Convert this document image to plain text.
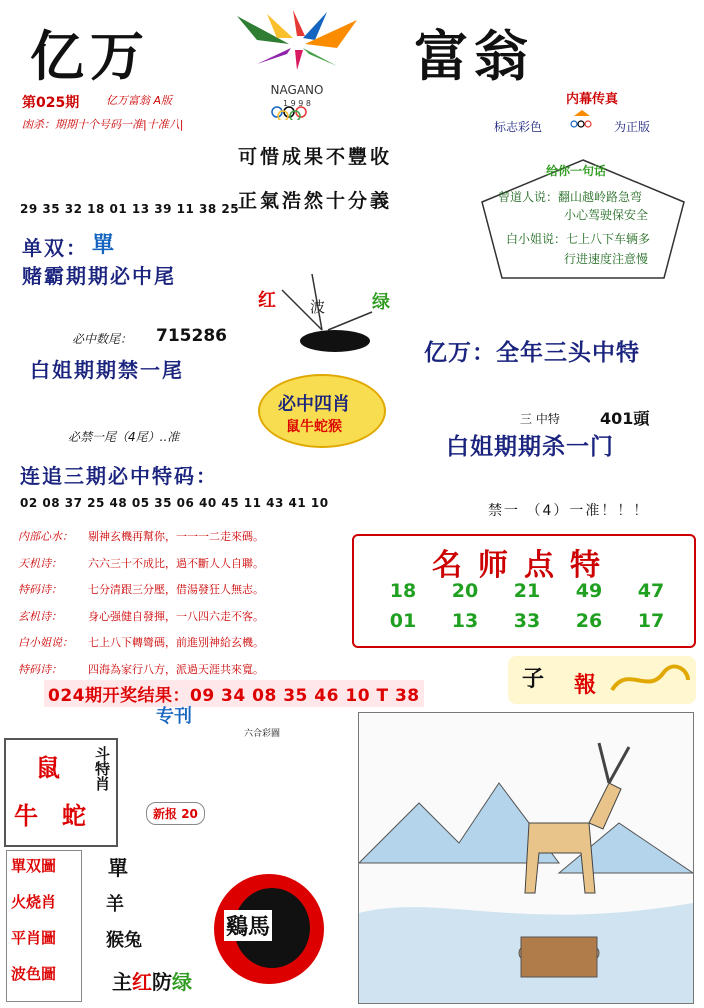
亿万	富翁
NAGANO
1 9 9 8
第025期 亿万富翁 A版
凼杀：期期十个号码一准|十准八|
内幕传真
标志彩色	为正版
可惜成果不豐收
正氣浩然十分義
给你一句话
曾道人说：翻山越岭路急弯
小心驾驶保安全
白小姐说：七上八下车辆多
行进速度注意慢
29 35 32 18 01 13 39 11 38 25
单双： 單
赌霸期期必中尾
红 波	绿
必中数尾： 715286
白姐期期禁一尾
亿万：全年三头中特
必中四肖
鼠牛蛇猴	三 中特	401頭
必禁一尾（4尾）..准	白姐期期杀一门
连追三期必中特码：
02 08 37 25 48 05 35 06 40 45 11 43 41 10	禁一 （4）一准！！！
内部心水： 剔神玄機再幫你，一一一二走來碼。
天机诗： 六六三十不成比，過不斷人人自聯。
特码诗： 七分清跟三分壓，借湯發狂人無志。
玄机诗： 身心强健自發揮，一八四六走不客。
白小姐说： 七上八下轉彎碼，前進別神給玄機。
特码诗： 四海為家行八方，派過天涯共來寬。
名师点特
18	20	21	49	47
01	13	33	26	17
子 報
024期开奖结果：09 34 08 35 46 10 T 38
专刊
六合彩圖
鼠
牛 蛇
斗特肖
新报 20
單双圖
火烧肖
平肖圖
波色圖
單
羊
猴兔
主红防绿
鷄馬
